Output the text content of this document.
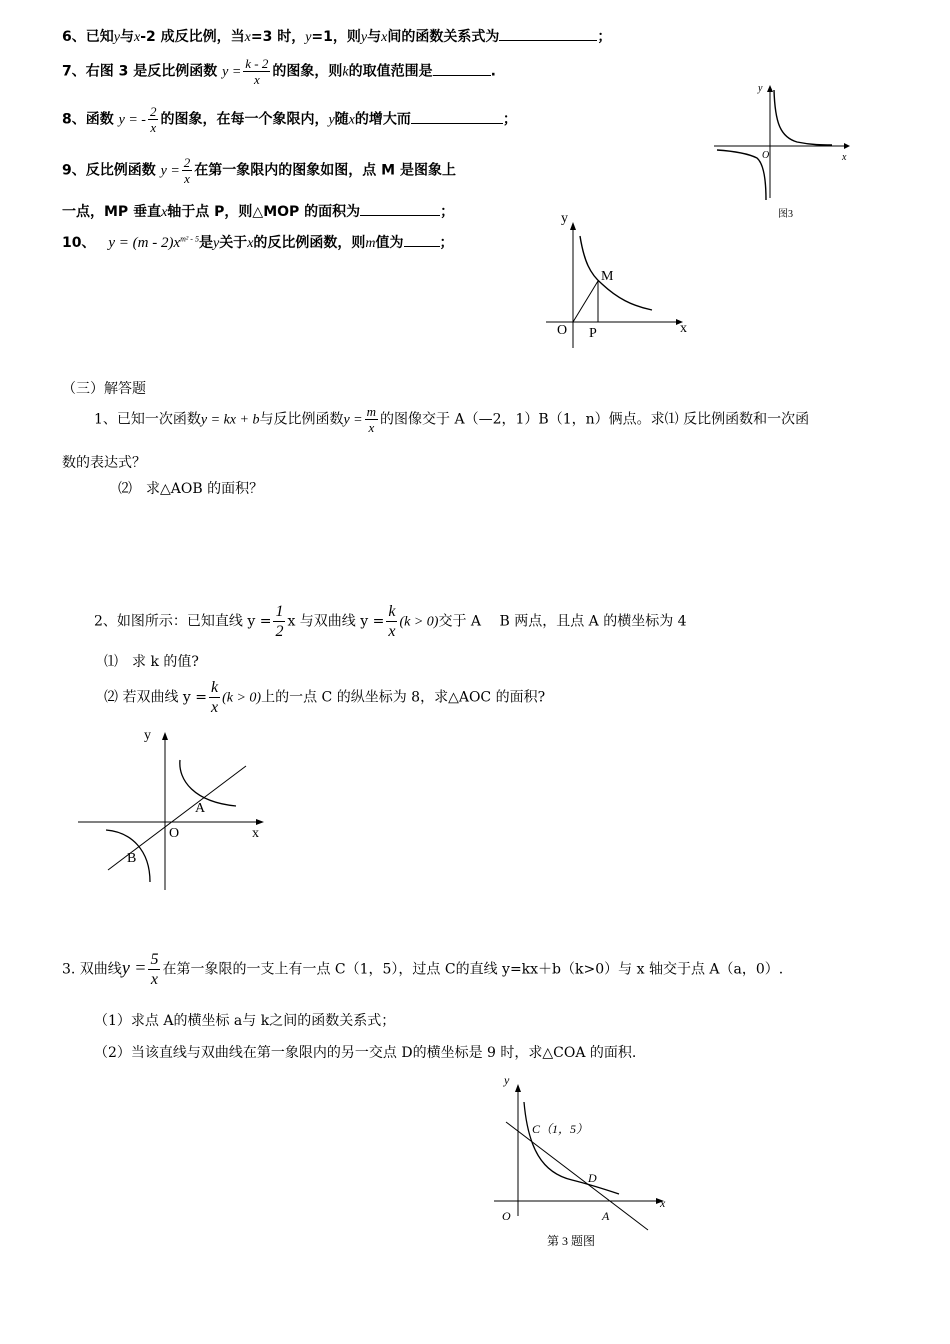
6、已知y与x-2 成反比例，当x=3 时，y=1，则y与x间的函数关系式为	；
7、右图 3 是反比例函数 $y = \frac{k - 2}{x}$ 的图象，则k的取值范围是	.
8、函数 y = - $\frac{2}{x}$ 的图象，在每一个象限内，y随x的增大而	；
9、反比例函数 $y = \frac{2}{x}$ 在第一象限内的图象如图，点 M 是图象上
一点，MP 垂直x轴于点 P，则△MOP 的面积为	；
10、 $y = (m - 2)x^{m^2 - 5}$是y关于x的反比例函数，则m值为	；
y
x
O
图3
y
x
O
M
P
（三）解答题
1、已知一次函数y = kx + b与反比例函数$y = \frac{m}{x}$ 的图像交于 A（—2，1）B（1，n）俩点。求⑴ 反比例函数和一次函
数的表达式？
⑵　求△AOB 的面积？
2、如图所示：已知直线 $y = \frac{1}{2}$ x 与双曲线 $y = \frac{k}{x} (k > 0)$交于 A　 B 两点，且点 A 的横坐标为 4
⑴　求 k 的值?
⑵ 若双曲线 $y = \frac{k}{x} (k > 0)$上的一点 C 的纵坐标为 8，求△AOC 的面积?
y
x
O
A
B
3. 双曲线$y = \frac{5}{x}$ 在第一象限的一支上有一点 C（1，5），过点 C的直线 y=kx＋b（k>0）与 x 轴交于点 A（a，0）.
（1）求点 A的横坐标 a与 k之间的函数关系式；
（2）当该直线与双曲线在第一象限内的另一交点 D的横坐标是 9 时，求△COA 的面积.
y
x
O
C（1，5）
D
A
第 3 题图
